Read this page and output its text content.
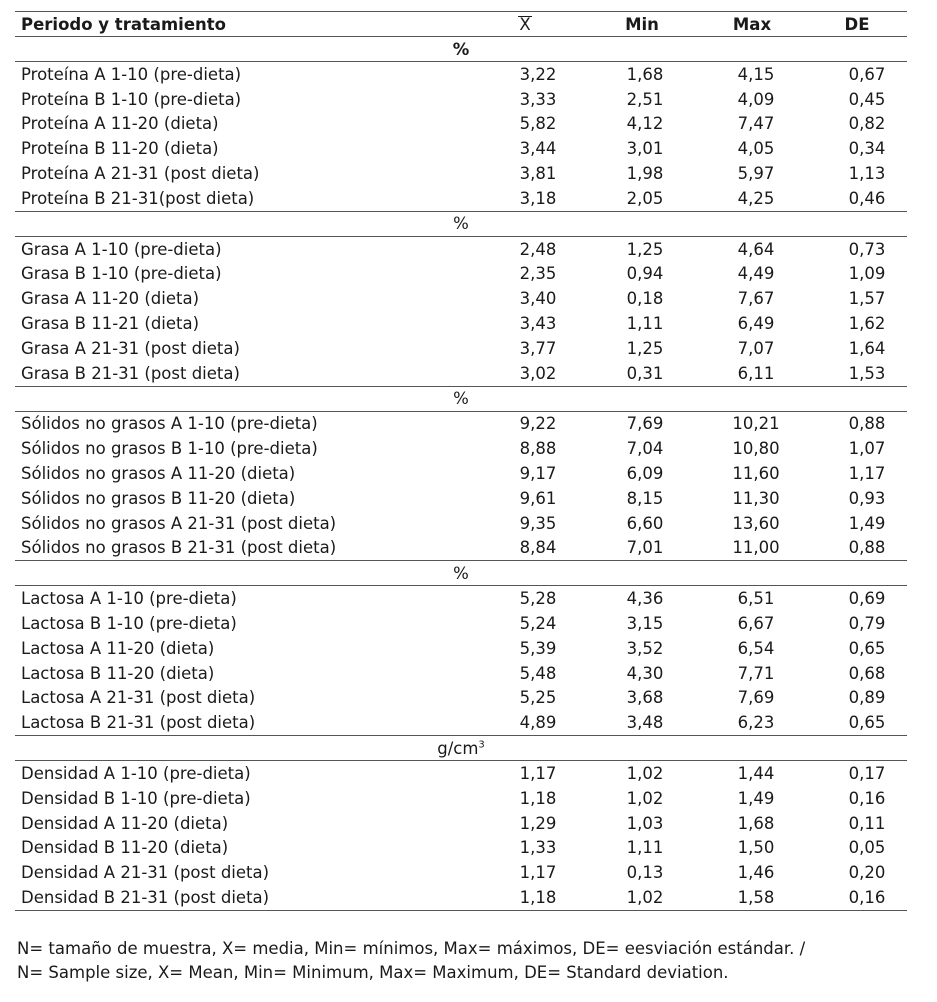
Periodo y tratamiento	X	Min	Max	DE
%				
Proteína A 1-10 (pre-dieta)	3,22	1,68	4,15	0,67
Proteína B 1-10 (pre-dieta)	3,33	2,51	4,09	0,45
Proteína A 11-20 (dieta)	5,82	4,12	7,47	0,82
Proteína B 11-20 (dieta)	3,44	3,01	4,05	0,34
Proteína A 21-31 (post dieta)	3,81	1,98	5,97	1,13
Proteína B 21-31(post dieta)	3,18	2,05	4,25	0,46
%				
Grasa A 1-10 (pre-dieta)	2,48	1,25	4,64	0,73
Grasa B 1-10 (pre-dieta)	2,35	0,94	4,49	1,09
Grasa A 11-20 (dieta)	3,40	0,18	7,67	1,57
Grasa B 11-21 (dieta)	3,43	1,11	6,49	1,62
Grasa A 21-31 (post dieta)	3,77	1,25	7,07	1,64
Grasa B 21-31 (post dieta)	3,02	0,31	6,11	1,53
%				
Sólidos no grasos A 1-10 (pre-dieta)	9,22	7,69	10,21	0,88
Sólidos no grasos B 1-10 (pre-dieta)	8,88	7,04	10,80	1,07
Sólidos no grasos A 11-20 (dieta)	9,17	6,09	11,60	1,17
Sólidos no grasos B 11-20 (dieta)	9,61	8,15	11,30	0,93
Sólidos no grasos A 21-31 (post dieta)	9,35	6,60	13,60	1,49
Sólidos no grasos B 21-31 (post dieta)	8,84	7,01	11,00	0,88
%				
Lactosa A 1-10 (pre-dieta)	5,28	4,36	6,51	0,69
Lactosa B 1-10 (pre-dieta)	5,24	3,15	6,67	0,79
Lactosa A 11-20 (dieta)	5,39	3,52	6,54	0,65
Lactosa B 11-20 (dieta)	5,48	4,30	7,71	0,68
Lactosa A 21-31 (post dieta)	5,25	3,68	7,69	0,89
Lactosa B 21-31 (post dieta)	4,89	3,48	6,23	0,65
$g/cm^3$
Densidad A 1-10 (pre-dieta)	1,17	1,02	1,44	0,17
Densidad B 1-10 (pre-dieta)	1,18	1,02	1,49	0,16
Densidad A 11-20 (dieta)	1,29	1,03	1,68	0,11
Densidad B 11-20 (dieta)	1,33	1,11	1,50	0,05
Densidad A 21-31 (post dieta)	1,17	0,13	1,46	0,20
Densidad B 21-31 (post dieta)	1,18	1,02	1,58	0,16
N= tamaño de muestra, X= media, Min= mínimos, Max= máximos, DE= eesviación estándar. /
N= Sample size, X= Mean, Min= Minimum, Max= Maximum, DE= Standard deviation.
